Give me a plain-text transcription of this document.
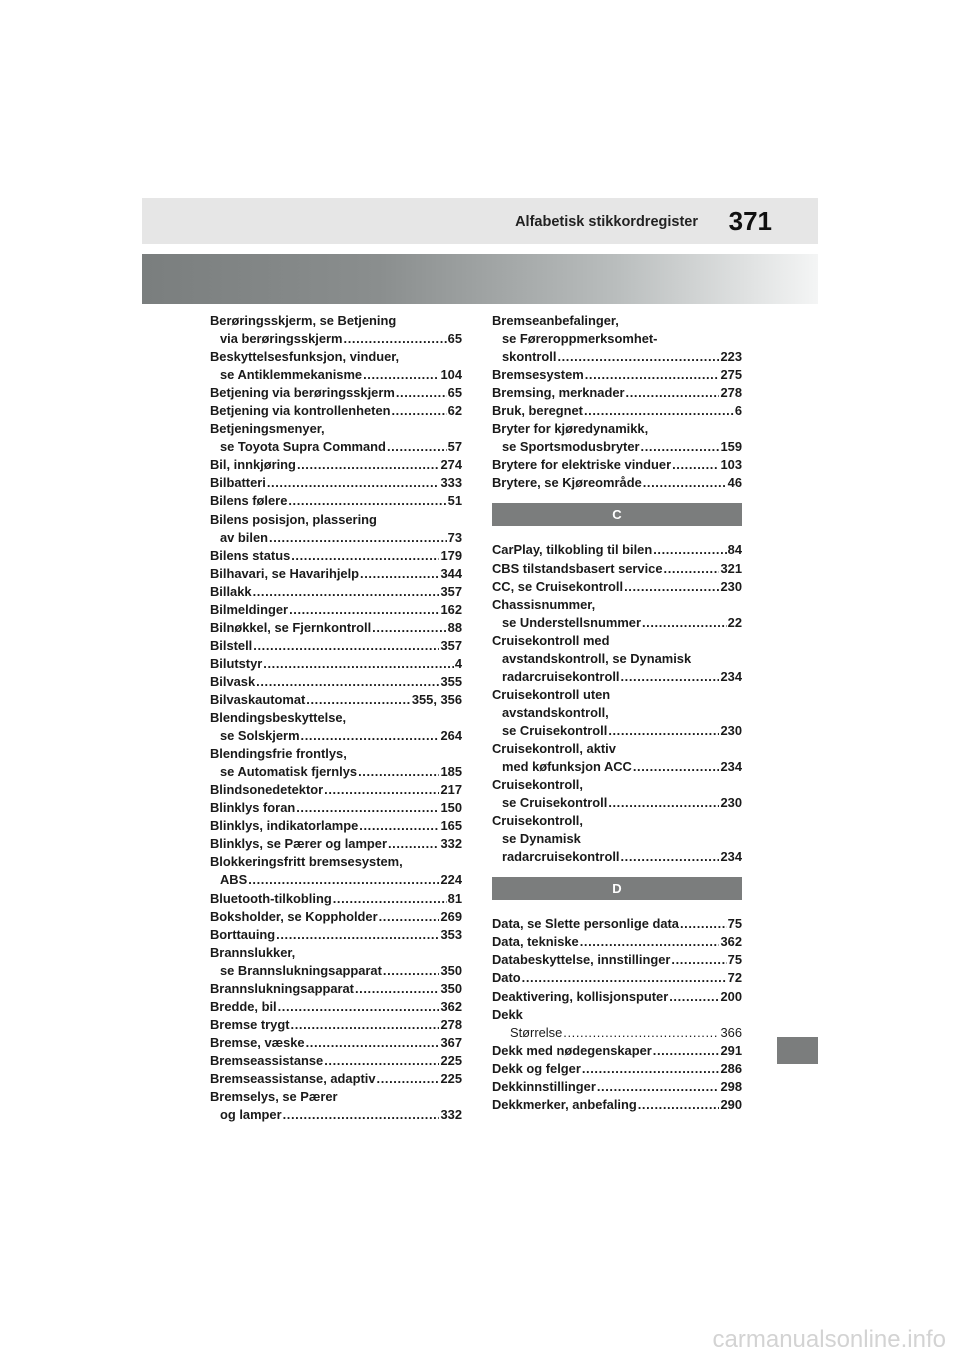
Alfabetisk stikkordregister 371
Berøringsskjerm, se Betjening
via berøringsskjerm .....	65
Beskyttelsesfunksjon, vinduer,
se Antiklemmekanisme .....	104
Betjening via berøringsskjerm .....	65
Betjening via kontrollenheten .....	62
Betjeningsmenyer,
se Toyota Supra Command .....	57
Bil, innkjøring .....	274
Bilbatteri .....	333
Bilens følere .....	51
Bilens posisjon, plassering
av bilen .....	73
Bilens status .....	179
Bilhavari, se Havarihjelp .....	344
Billakk .....	357
Bilmeldinger .....	162
Bilnøkkel, se Fjernkontroll .....	88
Bilstell .....	357
Bilutstyr .....	4
Bilvask .....	355
Bilvaskautomat .....	355, 356
Blendingsbeskyttelse,
se Solskjerm .....	264
Blendingsfrie frontlys,
se Automatisk fjernlys .....	185
Blindsonedetektor .....	217
Blinklys foran .....	150
Blinklys, indikatorlampe .....	165
Blinklys, se Pærer og lamper .....	332
Blokkeringsfritt bremsesystem,
ABS .....	224
Bluetooth-tilkobling .....	81
Boksholder, se Koppholder .....	269
Borttauing .....	353
Brannslukker,
se Brannslukningsapparat .....	350
Brannslukningsapparat .....	350
Bredde, bil .....	362
Bremse trygt .....	278
Bremse, væske .....	367
Bremseassistanse .....	225
Bremseassistanse, adaptiv .....	225
Bremselys, se Pærer
og lamper .....	332
Bremseanbefalinger,
se Føreroppmerksomhet-
skontroll .....	223
Bremsesystem .....	275
Bremsing, merknader .....	278
Bruk, beregnet .....	6
Bryter for kjøredynamikk,
se Sportsmodusbryter .....	159
Brytere for elektriske vinduer .....	103
Brytere, se Kjøreområde .....	46
C
CarPlay, tilkobling til bilen .....	84
CBS tilstandsbasert service .....	321
CC, se Cruisekontroll .....	230
Chassisnummer,
se Understellsnummer .....	22
Cruisekontroll med
avstandskontroll, se Dynamisk
radarcruisekontroll .....	234
Cruisekontroll uten
avstandskontroll,
se Cruisekontroll .....	230
Cruisekontroll, aktiv
med køfunksjon ACC .....	234
Cruisekontroll,
se Cruisekontroll .....	230
Cruisekontroll,
se Dynamisk
radarcruisekontroll .....	234
D
Data, se Slette personlige data .....	75
Data, tekniske .....	362
Databeskyttelse, innstillinger .....	75
Dato .....	72
Deaktivering, kollisjonsputer .....	200
Dekk
Størrelse .....	366
Dekk med nødegenskaper .....	291
Dekk og felger .....	286
Dekkinnstillinger .....	298
Dekkmerker, anbefaling .....	290
carmanualsonline.info
